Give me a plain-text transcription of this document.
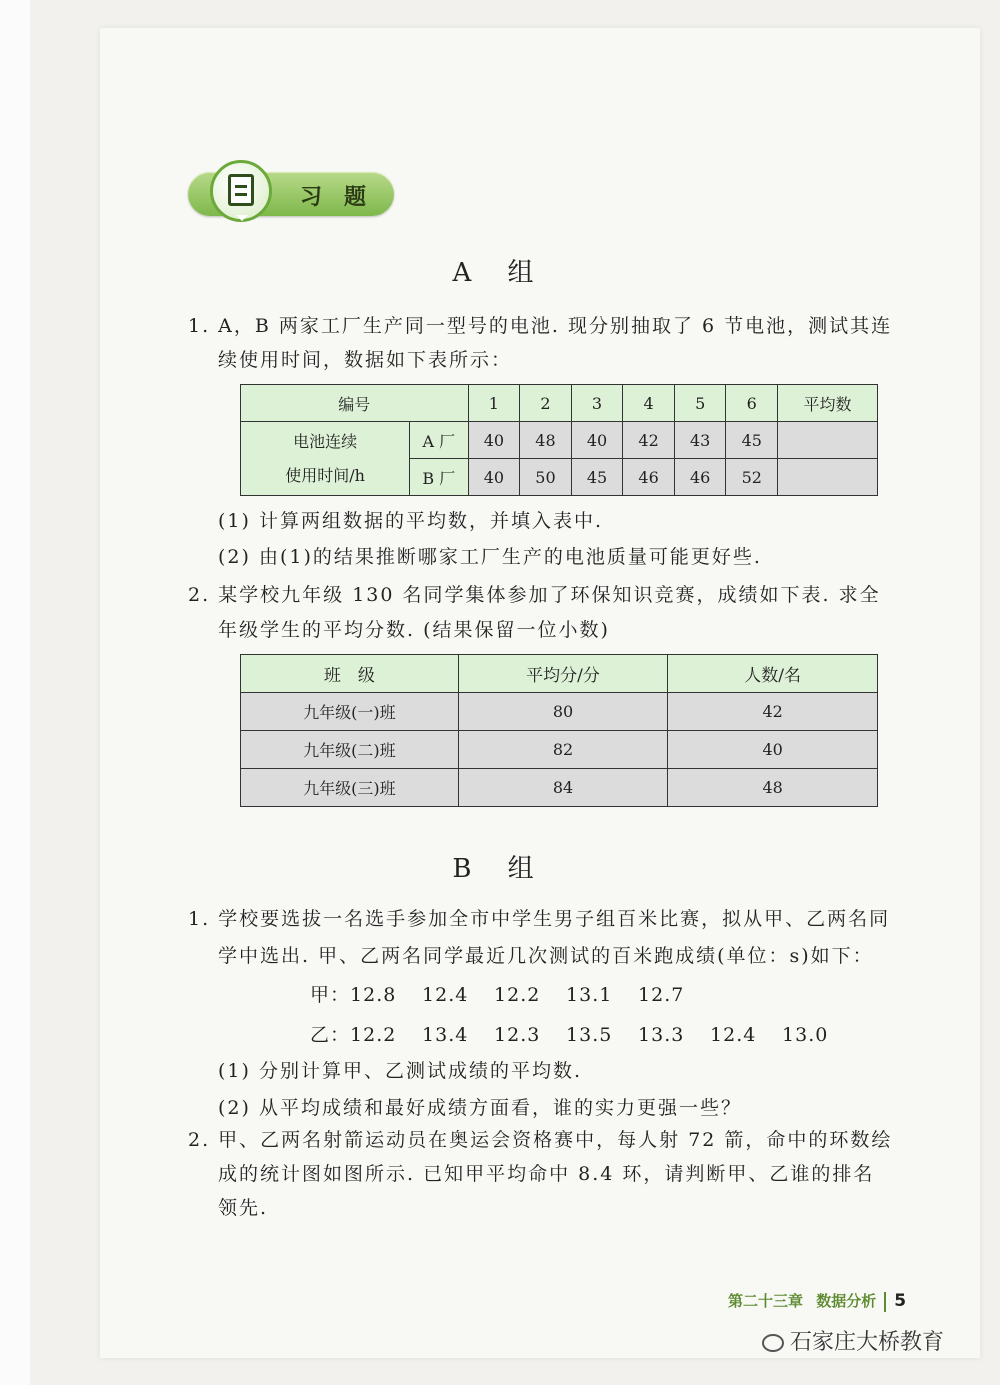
习题
A 组
1. A，B 两家工厂生产同一型号的电池. 现分别抽取了 6 节电池，测试其连
续使用时间，数据如下表所示：
编号		1	2	3	4	5	6	平均数

电池连续
使用时间/h	A 厂	40	48	40	42	43	45	
	B 厂	40	50	45	46	46	52	
(1) 计算两组数据的平均数，并填入表中.
(2) 由(1)的结果推断哪家工厂生产的电池质量可能更好些.
2. 某学校九年级 130 名同学集体参加了环保知识竞赛，成绩如下表. 求全
年级学生的平均分数. (结果保留一位小数)
班　级	平均分/分	人数/名
九年级(一)班	80	42
九年级(二)班	82	40
九年级(三)班	84	48
B 组
1. 学校要选拔一名选手参加全市中学生男子组百米比赛，拟从甲、乙两名同
学中选出. 甲、乙两名同学最近几次测试的百米跑成绩(单位：s)如下：
甲：12.8 12.4 12.2 13.1 12.7
乙：12.2 13.4 12.3 13.5 13.3 12.4 13.0
(1) 分别计算甲、乙测试成绩的平均数.
(2) 从平均成绩和最好成绩方面看，谁的实力更强一些？
2. 甲、乙两名射箭运动员在奥运会资格赛中，每人射 72 箭，命中的环数绘
成的统计图如图所示. 已知甲平均命中 8.4 环，请判断甲、乙谁的排名
领先.
第二十三章 数据分析 5
石家庄大桥教育
